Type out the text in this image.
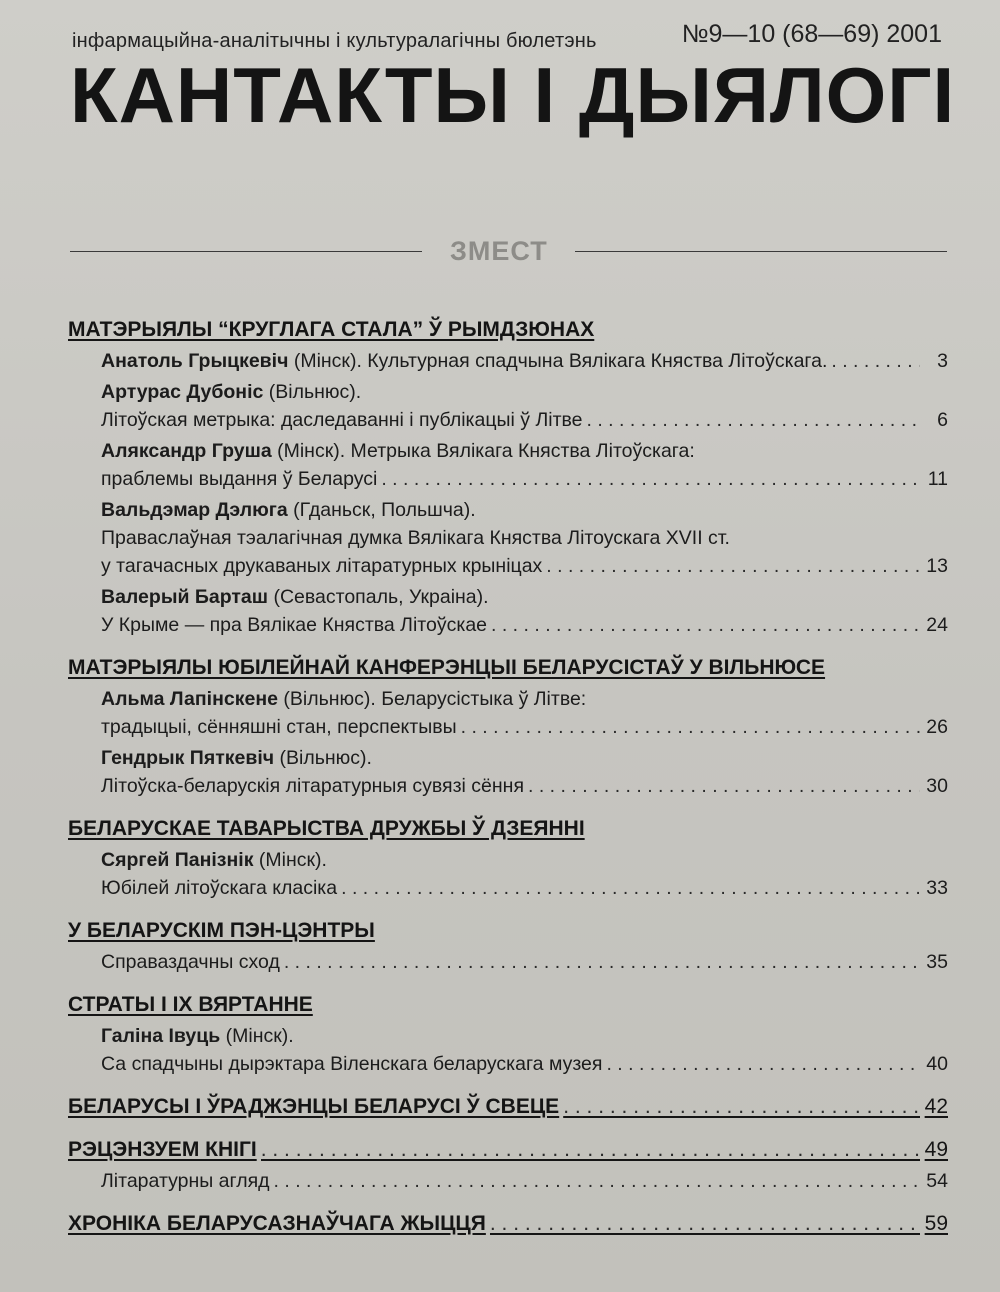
інфармацыйна-аналітычны і культуралагічны бюлетэнь	№9—10 (68—69) 2001
КАНТАКТЫ І ДЫЯЛОГІ
ЗМЕСТ
МАТЭРЫЯЛЫ “КРУГЛАГА СТАЛА” Ў РЫМДЗЮНАХ
Анатоль Грыцкевіч (Мінск). Культурная спадчына Вялікага Княства Літоўскага. . . .	3
Артурас Дубоніс (Вільнюс).
Літоўская метрыка: даследаванні і публікацыі ў Літве . . .	6
Аляксандр Груша (Мінск). Метрыка Вялікага Княства Літоўскага:
праблемы выдання ў Беларусі . . .	11
Вальдэмар Дэлюга (Гданьск, Польшча).
Праваслаўная тэалагічная думка Вялікага Княства Літоускага XVII ст.
у тагачасных друкаваных літаратурных крыніцах . . .	13
Валерый Барташ (Севастопаль, Украіна).
У Крыме — пра Вялікае Княства Літоўскае . . .	24
МАТЭРЫЯЛЫ ЮБІЛЕЙНАЙ КАНФЕРЭНЦЫІ БЕЛАРУСІСТАЎ У ВІЛЬНЮСЕ
Альма Лапінскене (Вільнюс). Беларусістыка ў Літве:
традыцыі, сённяшні стан, перспектывы . . .	26
Гендрык Пяткевіч (Вільнюс).
Літоўска-беларускія літаратурныя сувязі сёння . . .	30
БЕЛАРУСКАЕ ТАВАРЫСТВА ДРУЖБЫ Ў ДЗЕЯННІ
Сяргей Панізнік (Мінск).
Юбілей літоўскага класіка . . .	33
У БЕЛАРУСКІМ ПЭН-ЦЭНТРЫ
Справаздачны сход . . .	35
СТРАТЫ І ІХ ВЯРТАННЕ
Галіна Івуць (Мінск).
Са спадчыны дырэктара Віленскага беларускага музея . . .	40
БЕЛАРУСЫ І ЎРАДЖЭНЦЫ БЕЛАРУСІ Ў СВЕЦЕ . . .	42
РЭЦЭНЗУЕМ КНІГІ . . .	49
Літаратурны агляд . . .	54
ХРОНІКА БЕЛАРУСАЗНАЎЧАГА ЖЫЦЦЯ . . .	59
